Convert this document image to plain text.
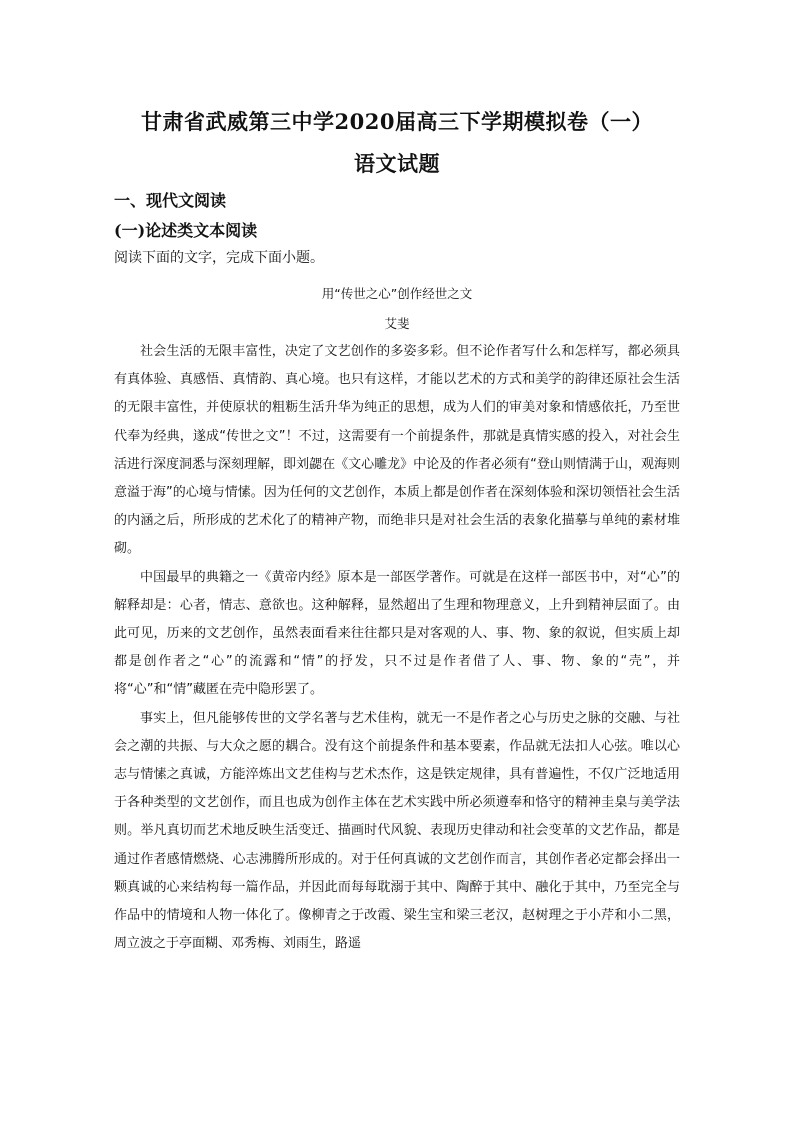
甘肃省武威第三中学2020届高三下学期模拟卷（一）
语文试题
一、现代文阅读
(一)论述类文本阅读
阅读下面的文字，完成下面小题。
用“传世之心”创作经世之文
艾斐

社会生活的无限丰富性，决定了文艺创作的多姿多彩。但不论作者写什么和怎样写，都必须具有真体验、真感悟、真情韵、真心境。也只有这样，才能以艺术的方式和美学的韵律还原社会生活的无限丰富性，并使原状的粗粝生活升华为纯正的思想，成为人们的审美对象和情感依托，乃至世代奉为经典，遂成“传世之文”！不过，这需要有一个前提条件，那就是真情实感的投入，对社会生活进行深度洞悉与深刻理解，即刘勰在《文心雕龙》中论及的作者必须有“登山则情满于山，观海则意溢于海”的心境与情愫。因为任何的文艺创作，本质上都是创作者在深刻体验和深切领悟社会生活的内涵之后，所形成的艺术化了的精神产物，而绝非只是对社会生活的表象化描摹与单纯的素材堆砌。

中国最早的典籍之一《黄帝内经》原本是一部医学著作。可就是在这样一部医书中，对“心”的解释却是：心者，情志、意欲也。这种解释，显然超出了生理和物理意义，上升到精神层面了。由此可见，历来的文艺创作，虽然表面看来往往都只是对客观的人、事、物、象的叙说，但实质上却都是创作者之“心”的流露和“情”的抒发，只不过是作者借了人、事、物、象的“壳”，并将“心”和“情”藏匿在壳中隐形罢了。

事实上，但凡能够传世的文学名著与艺术佳构，就无一不是作者之心与历史之脉的交融、与社会之潮的共振、与大众之愿的耦合。没有这个前提条件和基本要素，作品就无法扣人心弦。唯以心志与情愫之真诚，方能淬炼出文艺佳构与艺术杰作，这是铁定规律，具有普遍性，不仅广泛地适用于各种类型的文艺创作，而且也成为创作主体在艺术实践中所必须遵奉和恪守的精神圭臬与美学法则。举凡真切而艺术地反映生活变迁、描画时代风貌、表现历史律动和社会变革的文艺作品，都是通过作者感情燃烧、心志沸腾所形成的。对于任何真诚的文艺创作而言，其创作者必定都会择出一颗真诚的心来结构每一篇作品，并因此而每每耽溺于其中、陶醉于其中、融化于其中，乃至完全与作品中的情境和人物一体化了。像柳青之于改霞、梁生宝和梁三老汉，赵树理之于小芹和小二黑，周立波之于亭面糊、邓秀梅、刘雨生，路遥
